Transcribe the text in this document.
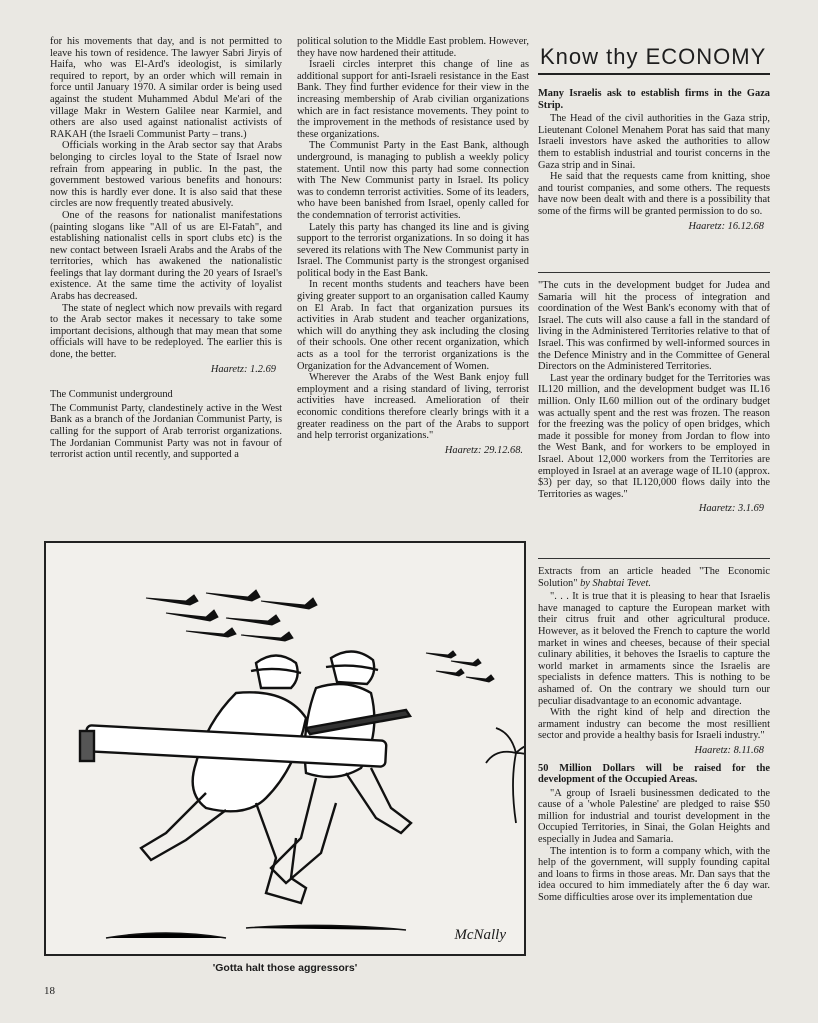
for his movements that day, and is not permitted to leave his town of residence. The lawyer Sabri Jiryis of Haifa, who was El-Ard's ideologist, is similarly required to report, by an order which will remain in force until January 1970. A similar order is being used against the student Muhammed Abdul Me'ari of the village Makr in Western Galilee near Karmiel, and others are also used against nationalist activists of RAKAH (the Israeli Communist Party – trans.)

Officials working in the Arab sector say that Arabs belonging to circles loyal to the State of Israel now refrain from appearing in public. In the past, the government bestowed various benefits and honours: now this is hardly ever done. It is also said that these circles are now frequently treated abusively.

One of the reasons for nationalist manifestations (painting slogans like "All of us are El-Fatah", and establishing nationalist cells in sport clubs etc) is the new contact between Israeli Arabs and the Arabs of the territories, which has awakened the nationalistic feelings that lay dormant during the 20 years of Israel's existence. At the same time the activity of loyalist Arabs has decreased.

The state of neglect which now prevails with regard to the Arab sector makes it necessary to take some important decisions, although that may mean that some officials will have to be redeployed. The earlier this is done, the better.

Haaretz: 1.2.69
The Communist underground

The Communist Party, clandestinely active in the West Bank as a branch of the Jordanian Communist Party, is calling for the support of Arab terrorist organizations. The Jordanian Communist Party was not in favour of terrorist action until recently, and supported a

political solution to the Middle East problem. However, they have now hardened their attitude.

Israeli circles interpret this change of line as additional support for anti-Israeli resistance in the East Bank. They find further evidence for their view in the increasing membership of Arab civilian organizations which are in fact resistance movements. They point to the improvement in the methods of resistance used by these organizations.

The Communist Party in the East Bank, although underground, is managing to publish a weekly policy statement. Until now this party had some connection with The New Communist party in Israel. Its policy was to condemn terrorist activities. Some of its leaders, who have been banished from Israel, openly called for the condemnation of terrorist activities.

Lately this party has changed its line and is giving support to the terrorist organizations. In so doing it has severed its relations with The New Communist party in Israel. The Communist party is the strongest organised political body in the East Bank.

In recent months students and teachers have been giving greater support to an organisation called Kaumy on El Arab. In fact that organization pursues its activities in Arab student and teacher organizations, which will do anything they ask including the closing of their schools. One other recent organization, which acts as a tool for the terrorist organizations is the Organization for the Advancement of Women.

Wherever the Arabs of the West Bank enjoy full employment and a rising standard of living, terrorist activities have increased. Amelioration of their economic conditions therefore clearly brings with it a greater readiness on the part of the Arabs to support and help terrorist organizations."

Haaretz: 29.12.68.
Know thy ECONOMY
Many Israelis ask to establish firms in the Gaza Strip.

The Head of the civil authorities in the Gaza strip, Lieutenant Colonel Menahem Porat has said that many Israeli investors have asked the authorities to allow them to establish industrial and tourist concerns in the Gaza strip and in Sinai.

He said that the requests came from knitting, shoe and tourist companies, and some others. The requests have now been dealt with and there is a possibility that some of the firms will be granted permission to do so.

Haaretz: 16.12.68

"The cuts in the development budget for Judea and Samaria will hit the process of integration and coordination of the West Bank's economy with that of Israel. The cuts will also cause a fall in the standard of living in the Administered Territories relative to that of Israel. This was confirmed by well-informed sources in the Defence Ministry and in the Committee of General Directors on the Administered Territories.

Last year the ordinary budget for the Territories was IL120 million, and the development budget was IL16 million. Only IL60 million out of the ordinary budget was actually spent and the rest was frozen. The reason for the freezing was the policy of open bridges, which made it possible for money from Jordan to flow into the West Bank, and for workers to be employed in Israel. About 12,000 workers from the Territories are employed in Israel at an average wage of IL10 (approx. $3) per day, so that IL120,000 flows daily into the Territories as wages."

Haaretz: 3.1.69
Extracts from an article headed "The Economic Solution" by Shabtai Tevet.

". . . It is true that it is pleasing to hear that Israelis have managed to capture the European market with their citrus fruit and other agricultural produce. However, as it beloved the French to capture the world market in wines and cheeses, because of their special culinary abilities, it behoves the Israelis to capture the world market in armaments since the Israelis are specialists in defence matters. This is nothing to be ashamed of. On the contrary we should turn our peculiar disadvantage to an economic advantage.

With the right kind of help and direction the armament industry can become the most resillient sector and provide a healthy basis for Israeli industry."

Haaretz: 8.11.68
50 Million Dollars will be raised for the development of the Occupied Areas.

"A group of Israeli businessmen dedicated to the cause of a 'whole Palestine' are pledged to raise $50 million for industrial and tourist development in the Occupied Territories, in Sinai, the Golan Heights and especially in Judea and Samaria.

The intention is to form a company which, with the help of the government, will supply founding capital and loans to firms in those areas. Mr. Dan says that the idea occured to him immediately after the 6 day war. Some difficulties arose over its implementation due

McNally
'Gotta halt those aggressors'
18
